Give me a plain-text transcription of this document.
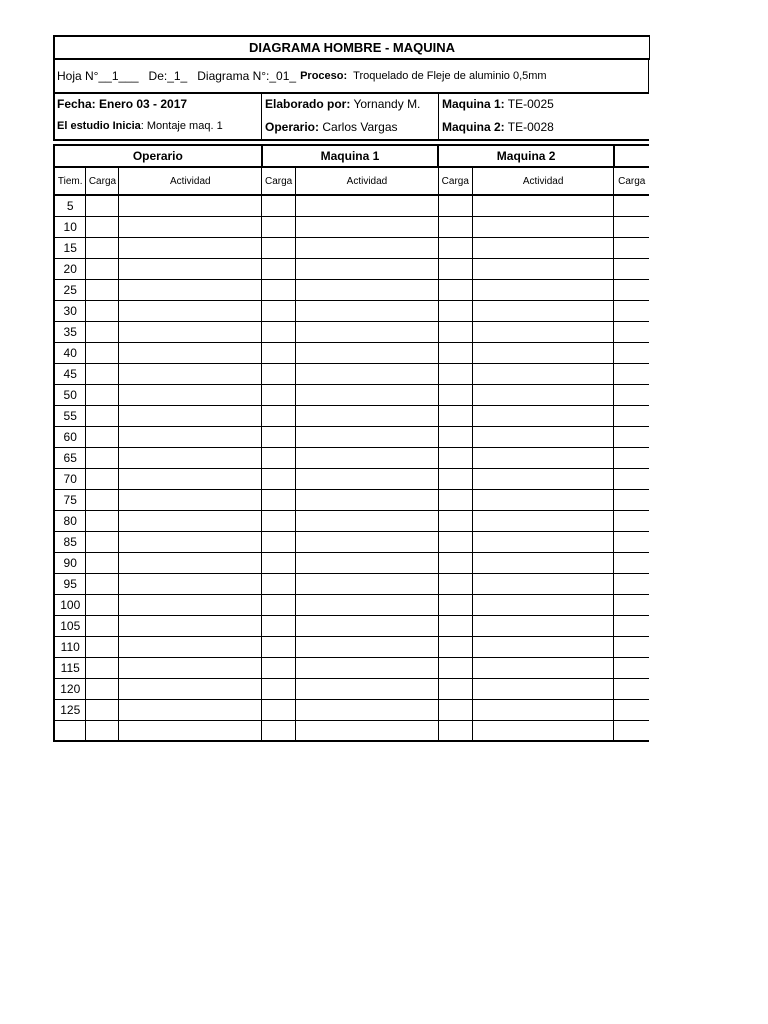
DIAGRAMA HOMBRE - MAQUINA
Hoja N°__1___ De:_1_ Diagrama N°:_01_ Proceso: Troquelado de Fleje de aluminio 0,5mm
Fecha: Enero 03 - 2017
El estudio Inicia: Montaje maq. 1
Elaborado por: Yornandy M.
Operario: Carlos Vargas
Maquina 1: TE-0025
Maquina 2: TE-0028
Operario			Maquina 1		Maquina 2		
Tiem.	Carga	Actividad	Carga	Actividad	Carga	Actividad	Carga
5							
10							
15							
20							
25							
30							
35							
40							
45							
50							
55							
60							
65							
70							
75							
80							
85							
90							
95							
100							
105							
110							
115							
120							
125							
